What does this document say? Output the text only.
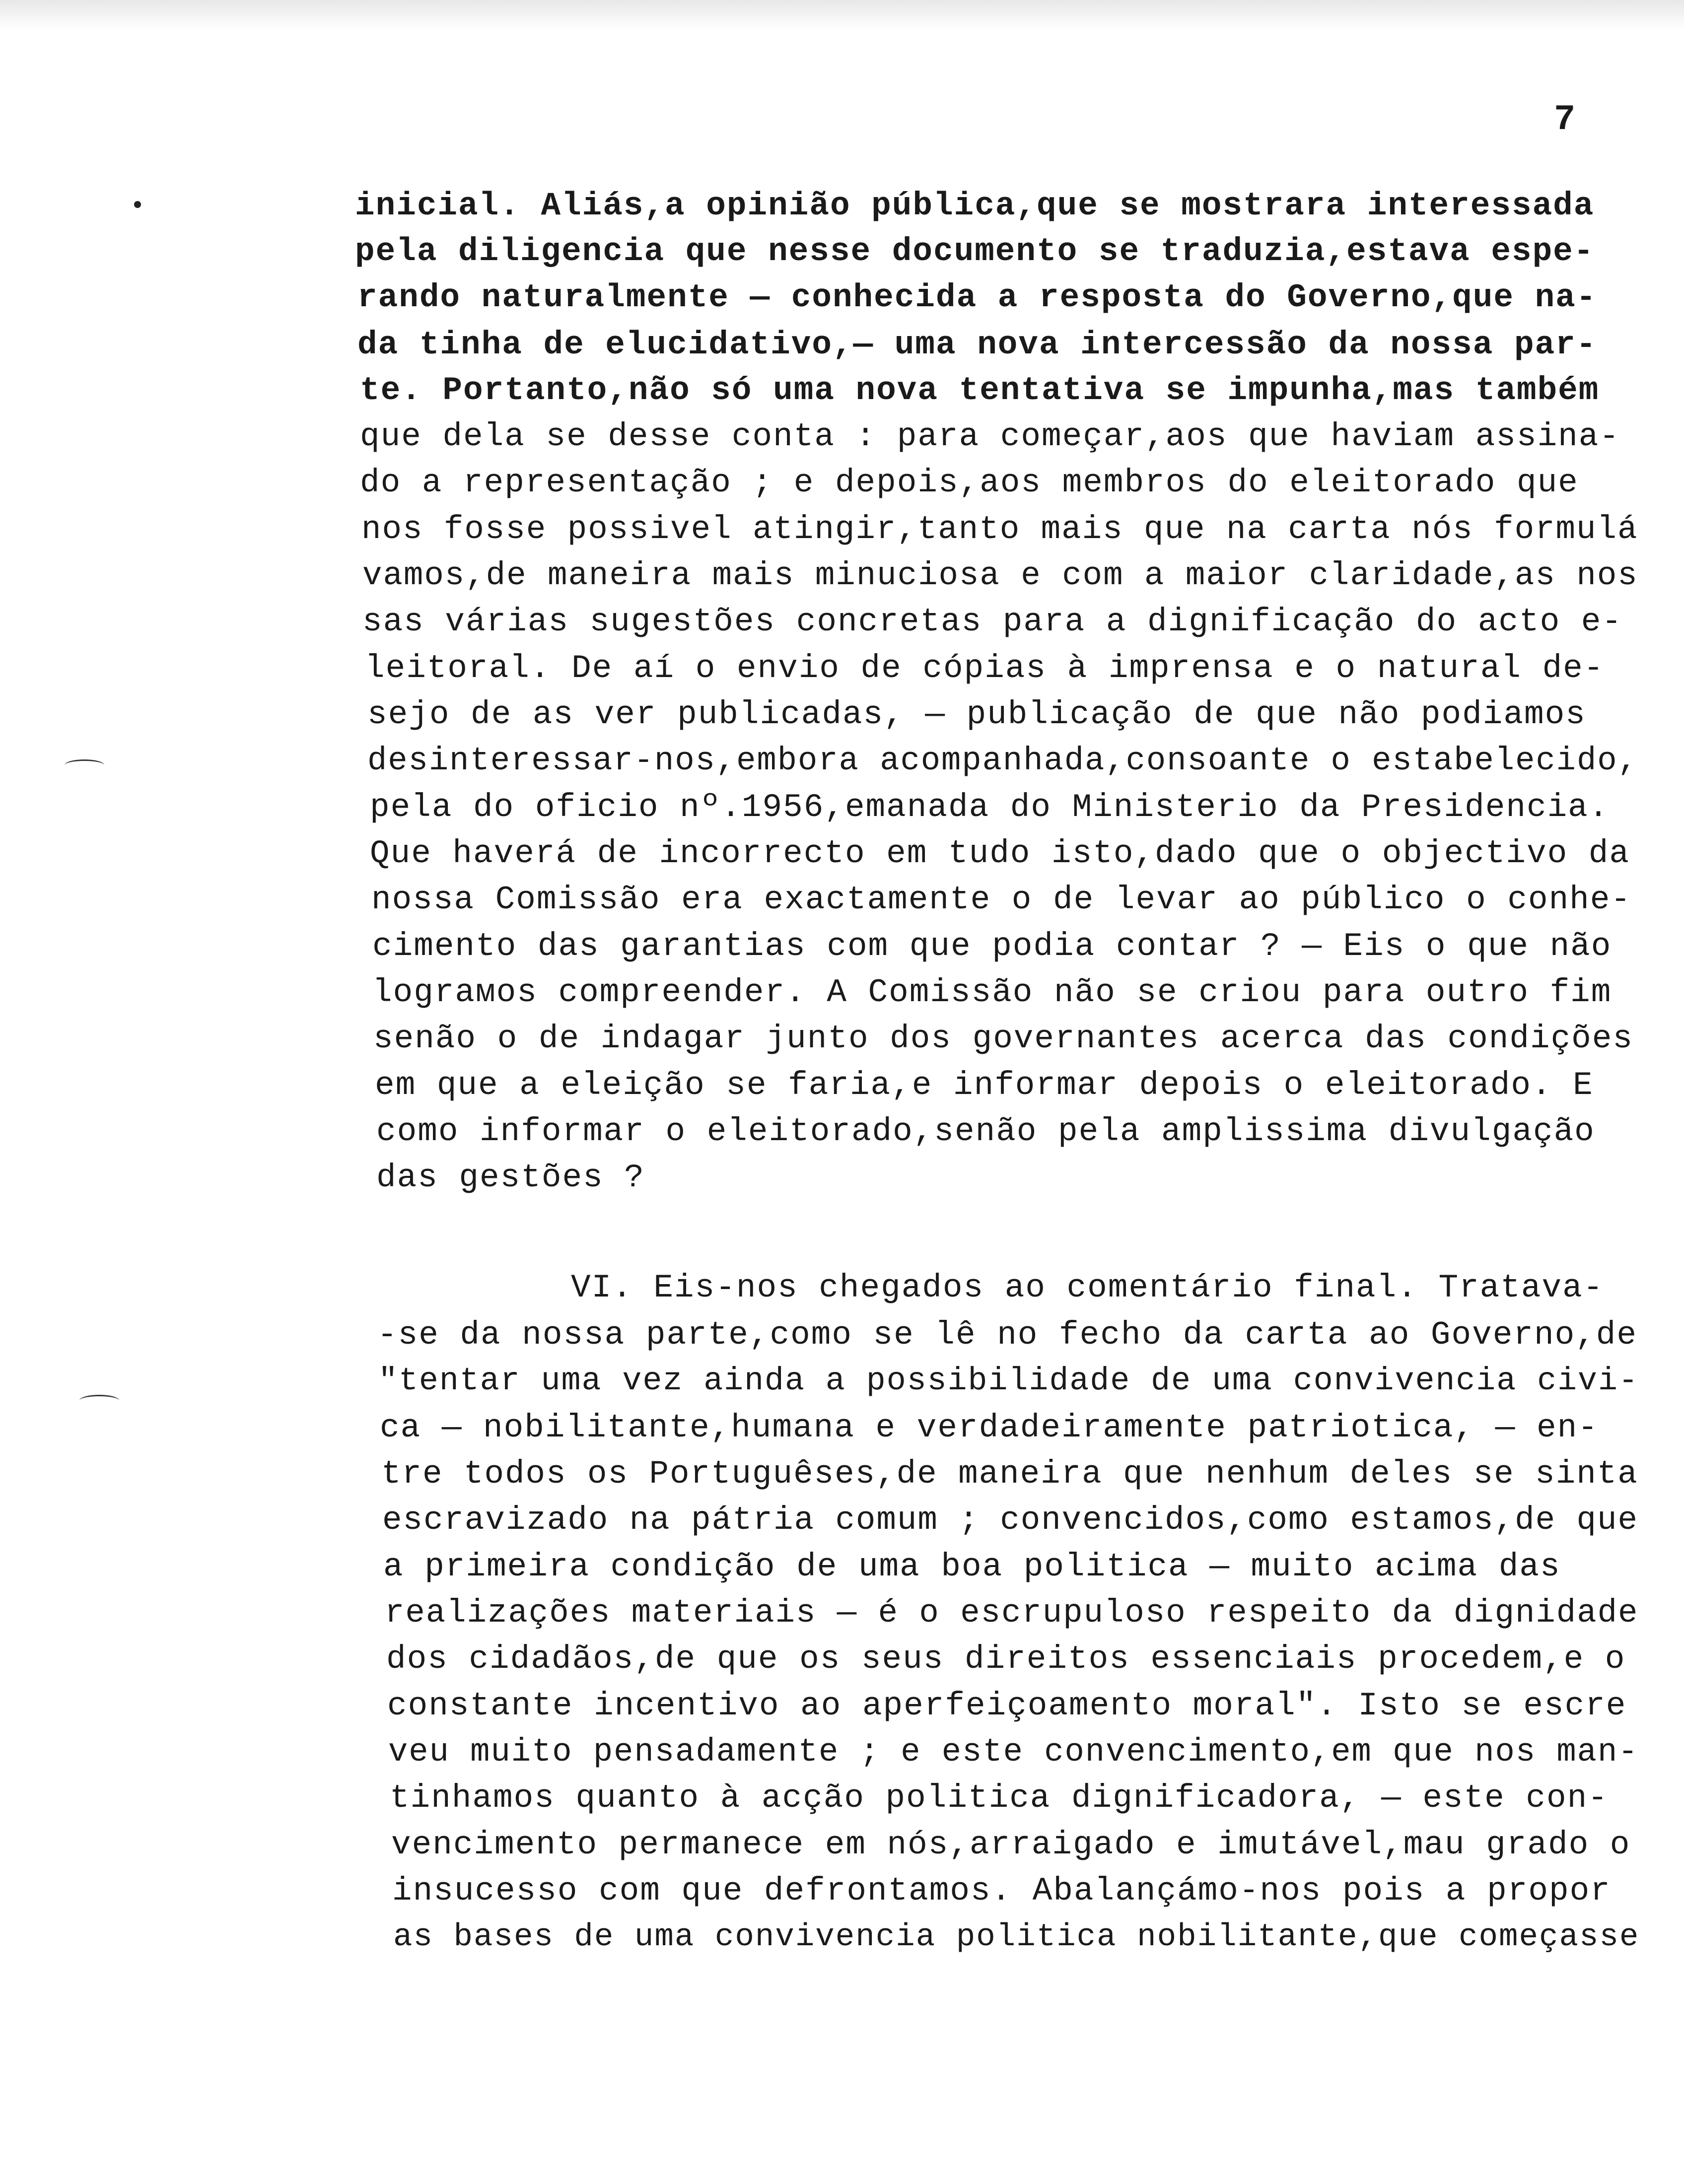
7
inicial. Aliás,a opinião pública,que se mostrara interessada
pela diligencia que nesse documento se traduzia,estava espe-
rando naturalmente — conhecida a resposta do Governo,que na-
da tinha de elucidativo,— uma nova intercessão da nossa par-
te. Portanto,não só uma nova tentativa se impunha,mas também
que dela se desse conta : para começar,aos que haviam assina-
do a representação ; e depois,aos membros do eleitorado que
nos fosse possivel atingir,tanto mais que na carta nós formulá
vamos,de maneira mais minuciosa e com a maior claridade,as nos
sas várias sugestões concretas para a dignificação do acto e-
leitoral. De aí o envio de cópias à imprensa e o natural de-
sejo de as ver publicadas, — publicação de que não podiamos
desinteressar-nos,embora acompanhada,consoante o estabelecido,
pela do oficio nº.1956,emanada do Ministerio da Presidencia.
Que haverá de incorrecto em tudo isto,dado que o objectivo da
nossa Comissão era exactamente o de levar ao público o conhe-
cimento das garantias com que podia contar ? — Eis o que não
lograмos compreender. A Comissão não se criou para outro fim
senão o de indagar junto dos governantes acerca das condições
em que a eleição se faria,e informar depois o eleitorado. E
como informar o eleitorado,senão pela amplissima divulgação
das gestões ?
VI. Eis-nos chegados ao comentário final. Tratava-
-se da nossa parte,como se lê no fecho da carta ao Governo,de
"tentar uma vez ainda a possibilidade de uma convivencia civi-
ca — nobilitante,humana e verdadeiramente patriotica, — en-
tre todos os Portuguêses,de maneira que nenhum deles se sinta
escravizado na pátria comum ; convencidos,como estamos,de que
a primeira condição de uma boa politica — muito acima das
realizações materiais — é o escrupuloso respeito da dignidade
dos cidadãos,de que os seus direitos essenciais procedem,e o
constante incentivo ao aperfeiçoamento moral". Isto se escre
veu muito pensadamente ; e este convencimento,em que nos man-
tinhamos quanto à acção politica dignificadora, — este con-
vencimento permanece em nós,arraigado e imutável,mau grado o
insucesso com que defrontamos. Abalançámo-nos pois a propor
as bases de uma convivencia politica nobilitante,que começasse
